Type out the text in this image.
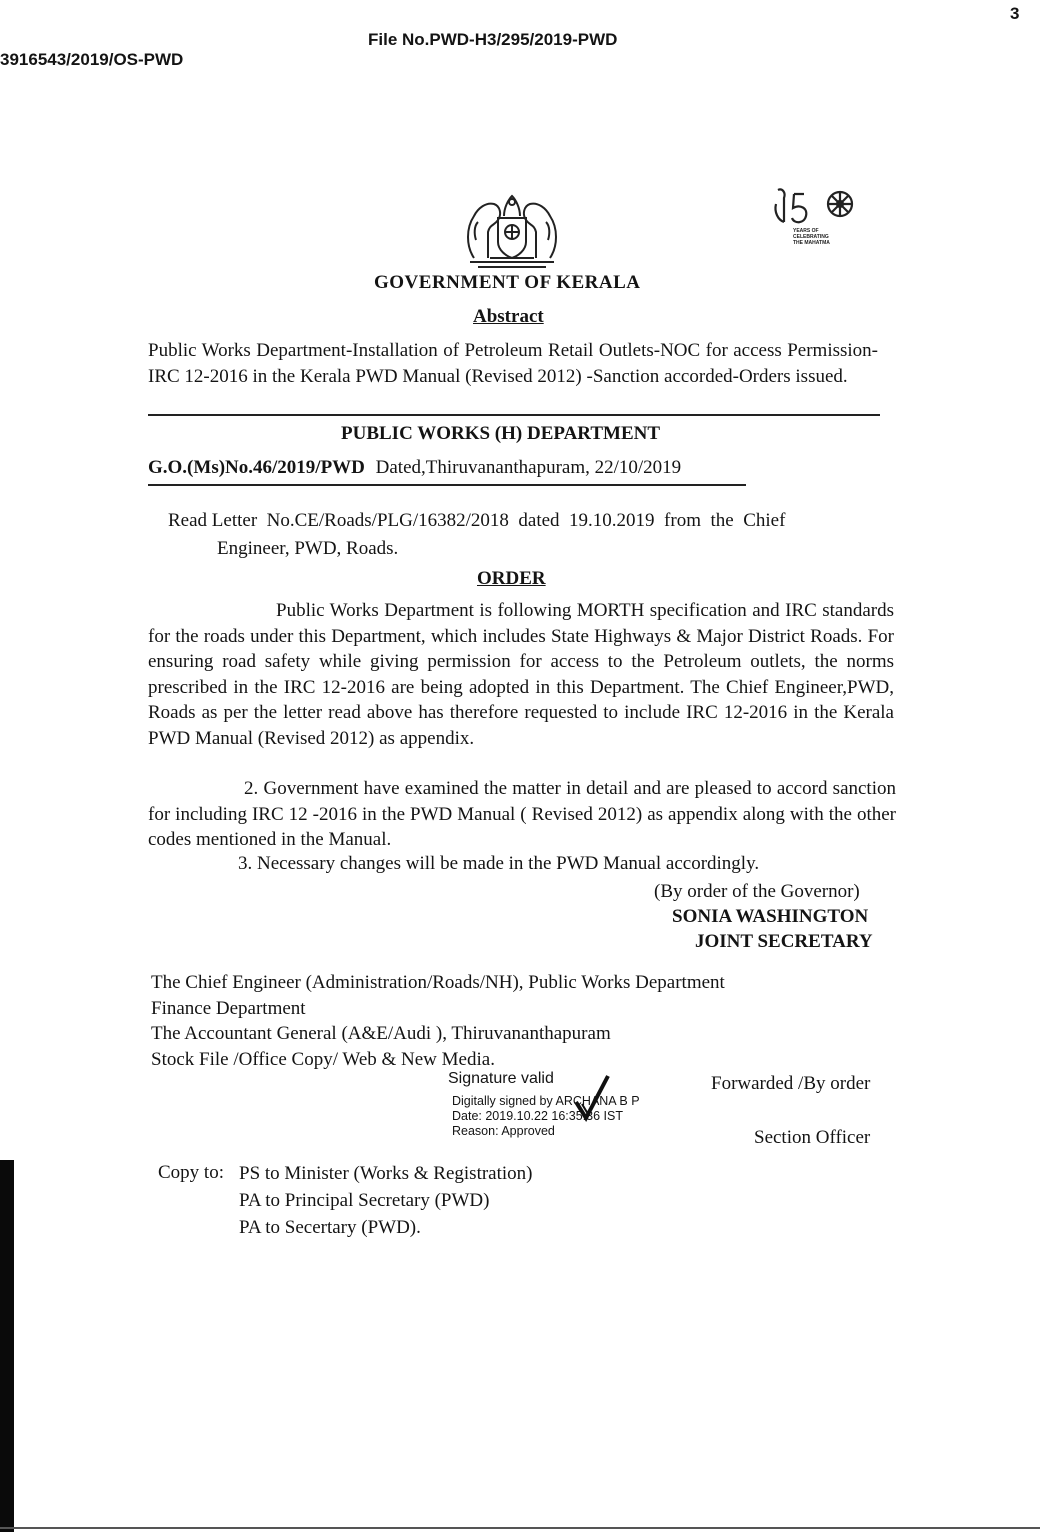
3
File No.PWD-H3/295/2019-PWD
3916543/2019/OS-PWD
YEARS OF
CELEBRATING
THE MAHATMA
GOVERNMENT OF KERALA
Abstract
Public Works Department-Installation of Petroleum Retail Outlets-NOC for access Permission-IRC 12-2016 in the Kerala PWD Manual (Revised 2012) -Sanction accorded-Orders issued.
PUBLIC WORKS (H) DEPARTMENT
G.O.(Ms)No.46/2019/PWD Dated,Thiruvananthapuram, 22/10/2019
Read Letter  No.CE/Roads/PLG/16382/2018  dated  19.10.2019  from  the  Chief
Engineer, PWD, Roads.
ORDER
Public Works Department is following MORTH specification and IRC standards for the roads under this Department, which includes State Highways & Major District Roads. For ensuring road safety while giving permission for access to the Petroleum outlets, the norms prescribed in the IRC 12-2016 are being adopted in this Department. The Chief Engineer,PWD, Roads as per the letter read above has therefore requested to include IRC 12-2016 in the Kerala PWD Manual (Revised 2012) as appendix.
2. Government have examined the matter in detail and are pleased to accord sanction for including IRC 12 -2016 in the PWD Manual ( Revised 2012) as appendix along with the other codes mentioned in the Manual.
3. Necessary changes will be made in the PWD Manual accordingly.
(By order of the Governor)
SONIA WASHINGTON
JOINT SECRETARY
The Chief Engineer (Administration/Roads/NH), Public Works Department
Finance Department
The Accountant General (A&E/Audi ), Thiruvananthapuram
Stock File /Office Copy/ Web & New Media.
Signature valid
Digitally signed by ARCHANA B P
Date: 2019.10.22 16:35:36 IST
Reason: Approved
Forwarded /By order
Section Officer
Copy to: PS to Minister (Works & Registration)
PA to Principal Secretary (PWD)
PA to Secertary (PWD).
